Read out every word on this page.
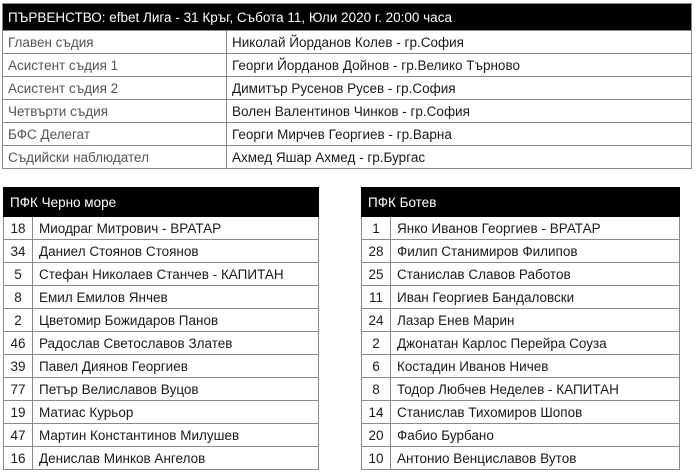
ПЪРВЕНСТВО: efbet Лига - 31 Кръг, Събота 11, Юли 2020 г. 20:00 часа	
Главен съдия	Николай Йорданов Колев - гр.София
Асистент съдия 1	Георги Йорданов Дойнов - гр.Велико Търново
Асистент съдия 2	Димитър Русенов Русев - гр.София
Четвърти съдия	Волен Валентинов Чинков - гр.София
БФС Делегат	Георги Мирчев Георгиев - гр.Варна
Съдийски наблюдател	Ахмед Яшар Ахмед - гр.Бургас
ПФК Черно море	
18	Миодраг Митрович - ВРАТАР
34	Даниел Стоянов Стоянов
5	Стефан Николаев Станчев - КАПИТАН
8	Емил Емилов Янчев
2	Цветомир Божидаров Панов
46	Радослав Светославов Златев
39	Павел Диянов Георгиев
77	Петър Велиславов Вуцов
19	Матиас Курьор
47	Мартин Константинов Милушев
16	Денислав Минков Ангелов
ПФК Ботев	
1	Янко Иванов Георгиев - ВРАТАР
28	Филип Станимиров Филипов
25	Станислав Славов Работов
11	Иван Георгиев Бандаловски
24	Лазар Енев Марин
2	Джонатан Карлос Перейра Соуза
6	Костадин Иванов Ничев
8	Тодор Любчев Неделев - КАПИТАН
14	Станислав Тихомиров Шопов
20	Фабио Бурбано
10	Антонио Венциславов Вутов
